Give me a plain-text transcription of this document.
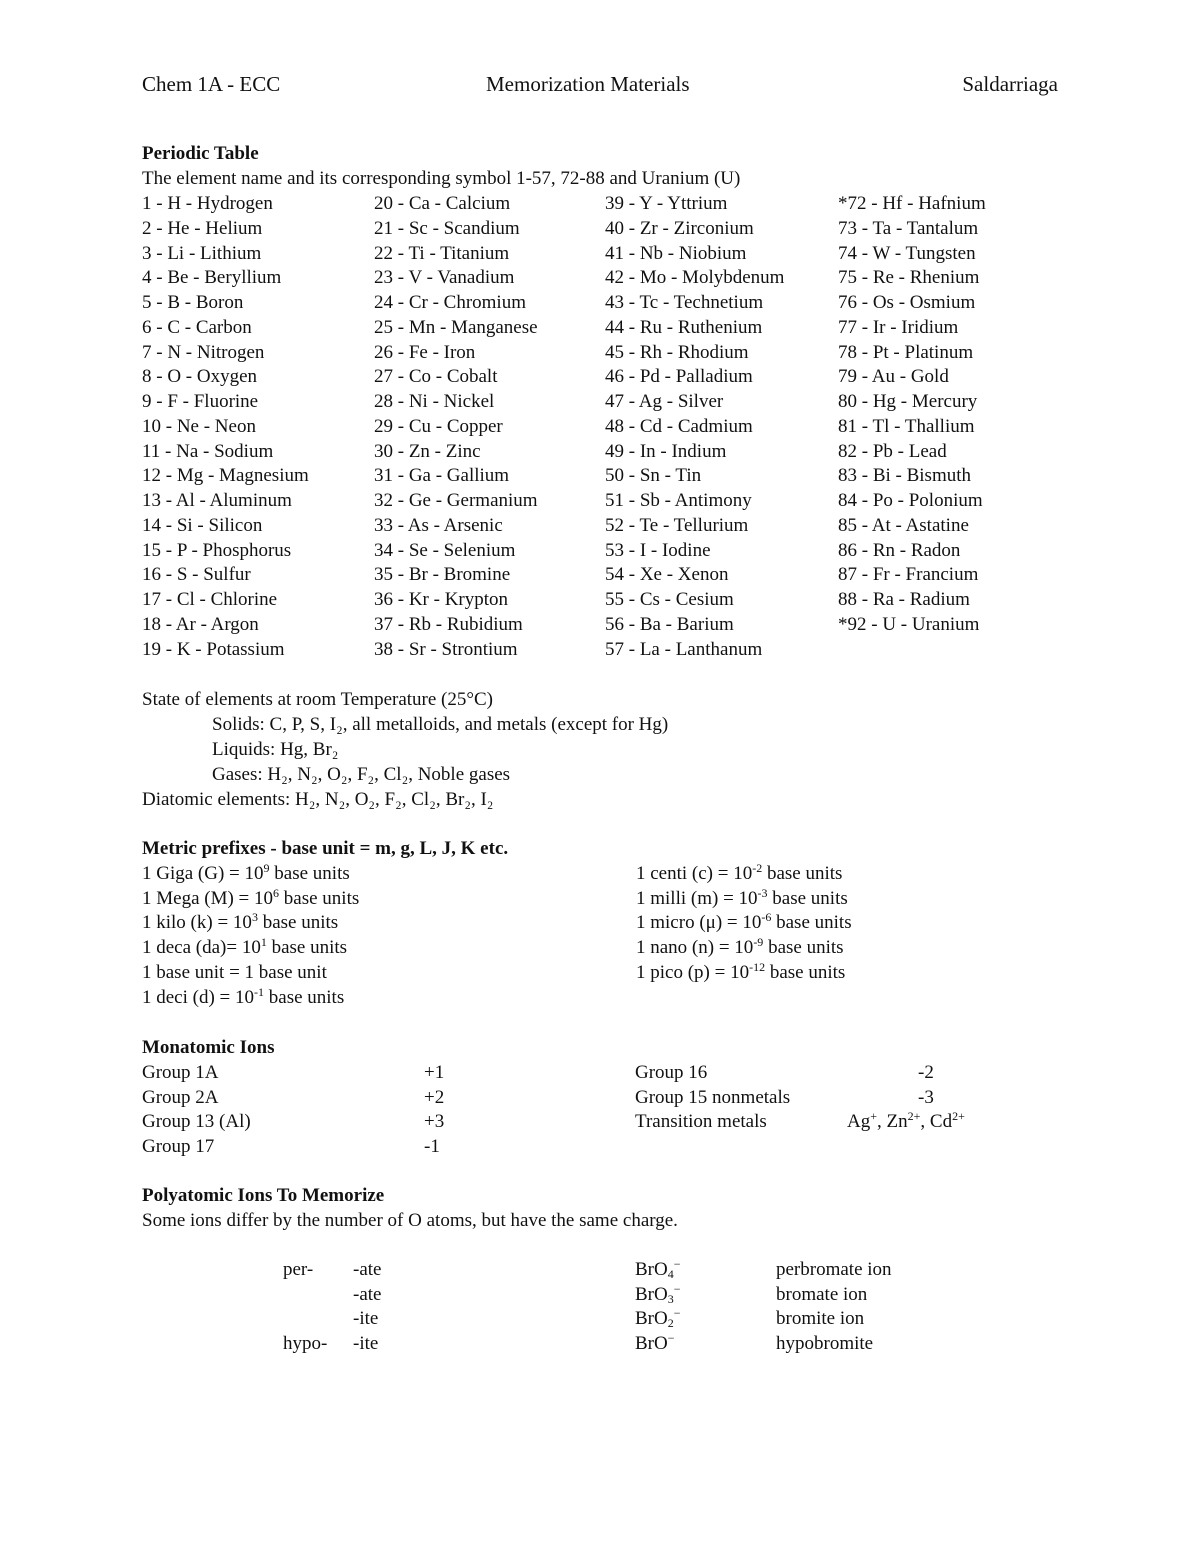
Chem 1A - ECC	Memorization Materials	Saldarriaga
Periodic Table
The element name and its corresponding symbol 1-57, 72-88 and Uranium (U)
1 - H - Hydrogen
2 - He - Helium
3 - Li - Lithium
4 - Be - Beryllium
5 - B - Boron
6 - C - Carbon
7 - N - Nitrogen
8 - O - Oxygen
9 - F - Fluorine
10 - Ne - Neon
11 - Na - Sodium
12 - Mg - Magnesium
13 - Al - Aluminum
14 - Si - Silicon
15 - P - Phosphorus
16 - S - Sulfur
17 - Cl - Chlorine
18 - Ar - Argon
19 - K - Potassium
20 - Ca - Calcium
21 - Sc - Scandium
22 - Ti - Titanium
23 - V - Vanadium
24 - Cr - Chromium
25 - Mn - Manganese
26 - Fe - Iron
27 - Co - Cobalt
28 - Ni - Nickel
29 - Cu - Copper
30 - Zn - Zinc
31 - Ga - Gallium
32 - Ge - Germanium
33 - As - Arsenic
34 - Se - Selenium
35 - Br - Bromine
36 - Kr - Krypton
37 - Rb - Rubidium
38 - Sr - Strontium
39 - Y - Yttrium
40 - Zr - Zirconium
41 - Nb - Niobium
42 - Mo - Molybdenum
43 - Tc - Technetium
44 - Ru - Ruthenium
45 - Rh - Rhodium
46 - Pd - Palladium
47 - Ag - Silver
48 - Cd - Cadmium
49 - In - Indium
50 - Sn - Tin
51 - Sb - Antimony
52 - Te - Tellurium
53 - I - Iodine
54 - Xe - Xenon
55 - Cs - Cesium
56 - Ba - Barium
57 - La - Lanthanum
*72 - Hf - Hafnium
73 - Ta - Tantalum
74 - W - Tungsten
75 - Re - Rhenium
76 - Os - Osmium
77 - Ir - Iridium
78 - Pt - Platinum
79 - Au - Gold
80 - Hg - Mercury
81 - Tl - Thallium
82 - Pb - Lead
83 - Bi - Bismuth
84 - Po - Polonium
85 - At - Astatine
86 - Rn - Radon
87 - Fr - Francium
88 - Ra - Radium
*92 - U - Uranium
State of elements at room Temperature (25°C)
Solids: C, P, S, I₂, all metalloids, and metals (except for Hg)
Liquids: Hg, Br₂
Gases: H₂, N₂, O₂, F₂, Cl₂, Noble gases
Diatomic elements: H₂, N₂, O₂, F₂, Cl₂, Br₂, I₂
Metric prefixes - base unit = m, g, L, J, K etc.
1 Giga $(G) = 10^9$ base units
1 Mega $(M) = 10^6$ base units
1 kilo $(k) = 10^3$ base units
1 deca $(da)= 10^1$ base units
1 base unit = 1 base unit
1 deci $(d) = 10^{-1}$ base units
1 centi $(c) = 10^{-2}$ base units
1 milli $(m) = 10^{-3}$ base units
1 micro $(\mu) = 10^{-6}$ base units
1 nano $(n) = 10^{-9}$ base units
1 pico $(p) = 10^{-12}$ base units
Monatomic Ions
Group 1A	+1
Group 2A	+2
Group 13 (Al)	+3
Group 17	-1
Group 16	-2
Group 15 nonmetals	-3
Transition metals	Ag+, $Zn^{2+}$, $Cd^{2+}$
Polyatomic Ions To Memorize
Some ions differ by the number of O atoms, but have the same charge.
per- -ate	BrO$_4$−	perbromate ion
-ate	BrO$_3$−	bromate ion
-ite	BrO$_2$−	bromite ion
hypo- -ite	BrO−	hypobromite
